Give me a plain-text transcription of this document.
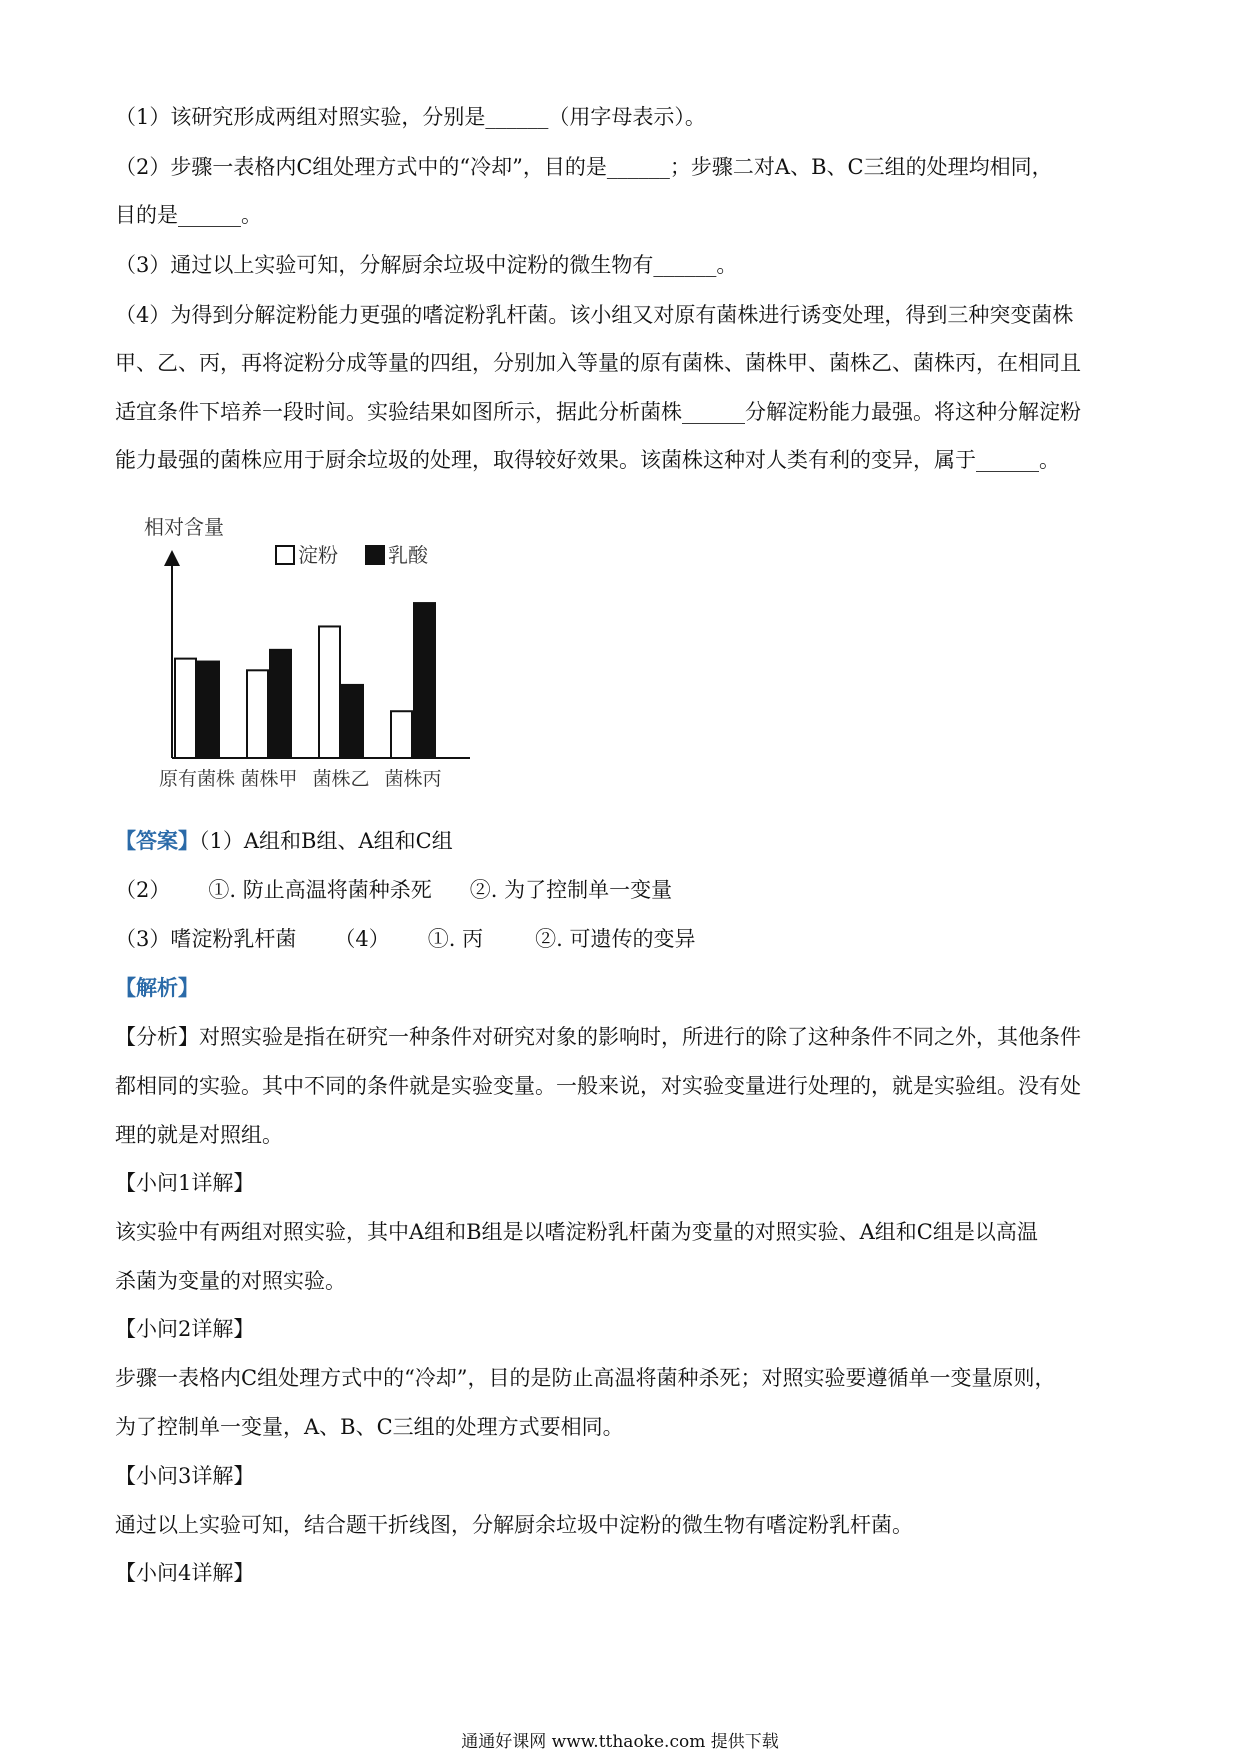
（1）该研究形成两组对照实验，分别是______（用字母表示）。
（2）步骤一表格内C组处理方式中的“冷却”，目的是______；步骤二对A、B、C三组的处理均相同，
目的是______。
（3）通过以上实验可知，分解厨余垃圾中淀粉的微生物有______。
（4）为得到分解淀粉能力更强的嗜淀粉乳杆菌。该小组又对原有菌株进行诱变处理，得到三种突变菌株
甲、乙、丙，再将淀粉分成等量的四组，分别加入等量的原有菌株、菌株甲、菌株乙、菌株丙，在相同且
适宜条件下培养一段时间。实验结果如图所示，据此分析菌株______分解淀粉能力最强。将这种分解淀粉
能力最强的菌株应用于厨余垃圾的处理，取得较好效果。该菌株这种对人类有利的变异，属于______。
相对含量
淀粉	乳酸
原有菌株 菌株甲 菌株乙 菌株丙
【答案】（1）A组和B组、A组和C组
（2） ①. 防止高温将菌种杀死 ②. 为了控制单一变量
（3）嗜淀粉乳杆菌 （4） ①. 丙 ②. 可遗传的变异
【解析】
【分析】对照实验是指在研究一种条件对研究对象的影响时，所进行的除了这种条件不同之外，其他条件
都相同的实验。其中不同的条件就是实验变量。一般来说，对实验变量进行处理的，就是实验组。没有处
理的就是对照组。
【小问1详解】
该实验中有两组对照实验，其中A组和B组是以嗜淀粉乳杆菌为变量的对照实验、A组和C组是以高温
杀菌为变量的对照实验。
【小问2详解】
步骤一表格内C组处理方式中的“冷却”，目的是防止高温将菌种杀死；对照实验要遵循单一变量原则，
为了控制单一变量，A、B、C三组的处理方式要相同。
【小问3详解】
通过以上实验可知，结合题干折线图，分解厨余垃圾中淀粉的微生物有嗜淀粉乳杆菌。
【小问4详解】
通通好课网 www.tthaoke.com 提供下载
